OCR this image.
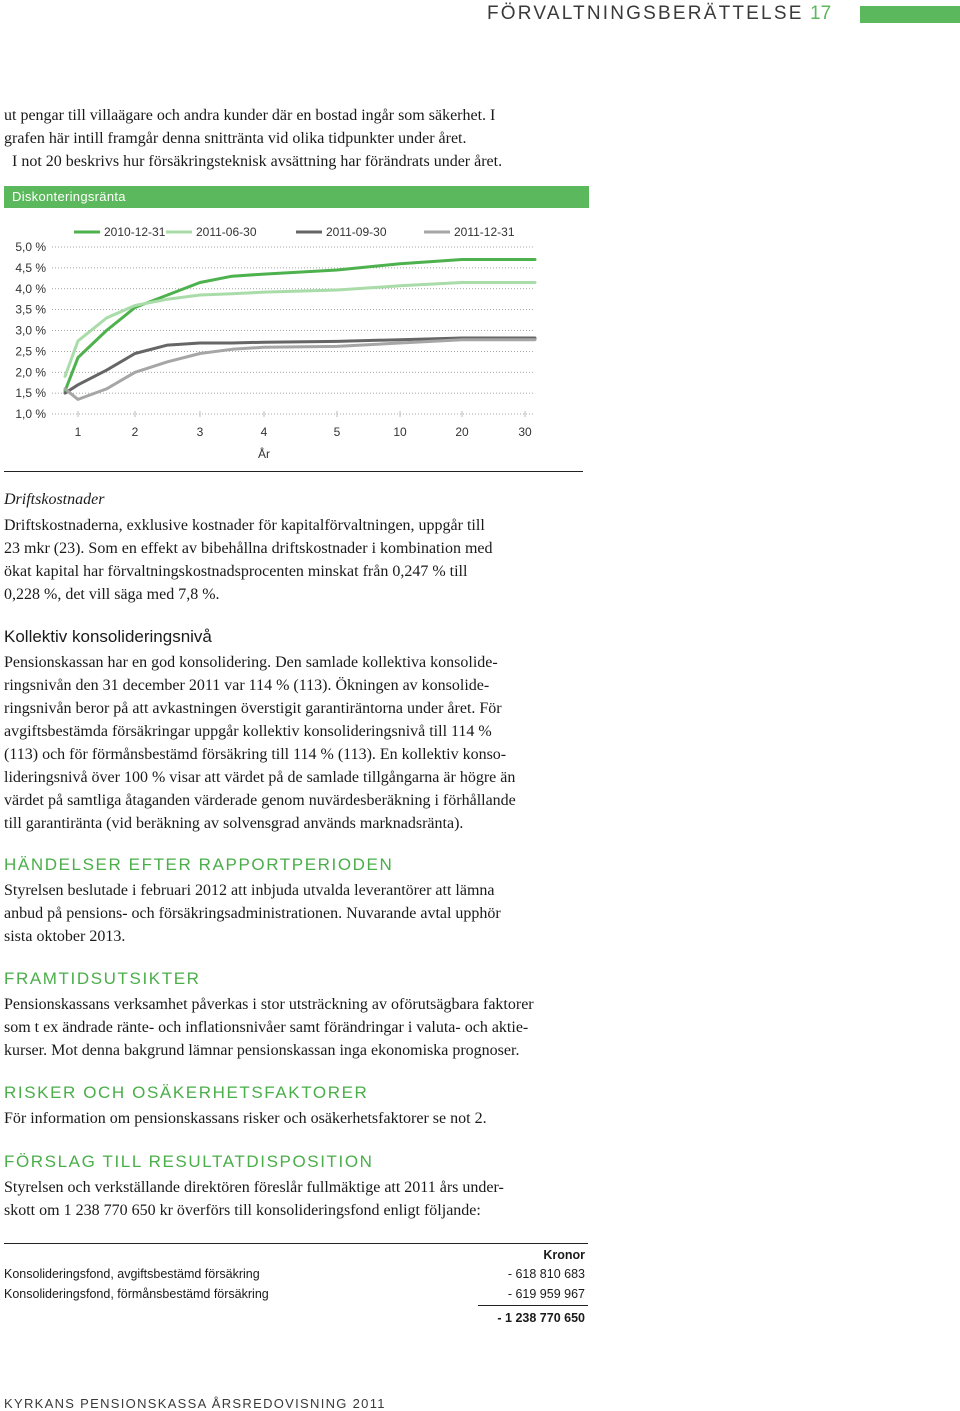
FÖRVALTNINGSBERÄTTELSE 17

ut pengar till villaägare och andra kunder där en bostad ingår som säkerhet. I
grafen här intill framgår denna snittränta vid olika tidpunkter under året.
I not 20 beskrivs hur försäkringsteknisk avsättning har förändrats under året.

Diskonteringsränta
5,0 %
4,5 %
4,0 %
3,5 %
3,0 %
2,5 %
2,0 %
1,5 %
1,0 %
1	2	3	4	5	10	20	30
År
2010-12-31	2011-06-30	2011-09-30	2011-12-31
Driftskostnader

Driftskostnaderna, exklusive kostnader för kapitalförvaltningen, uppgår till
23 mkr (23). Som en effekt av bibehållna driftskostnader i kombination med
ökat kapital har förvaltningskostnadsprocenten minskat från 0,247 % till
0,228 %, det vill säga med 7,8 %.

Kollektiv konsolideringsnivå

Pensionskassan har en god konsolidering. Den samlade kollektiva konsolide-
ringsnivån den 31 december 2011 var 114 % (113). Ökningen av konsolide-
ringsnivån beror på att avkastningen överstigit garantiräntorna under året. För
avgiftsbestämda försäkringar uppgår kollektiv konsolideringsnivå till 114 %
(113) och för förmånsbestämd försäkring till 114 % (113). En kollektiv konso-
lideringsnivå över 100 % visar att värdet på de samlade tillgångarna är högre än
värdet på samtliga åtaganden värderade genom nuvärdesberäkning i förhållande
till garantiränta (vid beräkning av solvensgrad används marknadsränta).

HÄNDELSER EFTER RAPPORTPERIODEN

Styrelsen beslutade i februari 2012 att inbjuda utvalda leverantörer att lämna
anbud på pensions- och försäkringsadministrationen. Nuvarande avtal upphör
sista oktober 2013.

FRAMTIDSUTSIKTER

Pensionskassans verksamhet påverkas i stor utsträckning av oförutsägbara faktorer
som t ex ändrade ränte- och inflationsnivåer samt förändringar i valuta- och aktie-
kurser. Mot denna bakgrund lämnar pensionskassan inga ekonomiska prognoser.

RISKER OCH OSÄKERHETSFAKTORER

För information om pensionskassans risker och osäkerhetsfaktorer se not 2.

FÖRSLAG TILL RESULTATDISPOSITION

Styrelsen och verkställande direktören föreslår fullmäktige att 2011 års under-
skott om 1 238 770 650 kr överförs till konsolideringsfond enligt följande:

Kronor
Konsolideringsfond, avgiftsbestämd försäkring	- 618 810 683
Konsolideringsfond, förmånsbestämd försäkring	- 619 959 967
- 1 238 770 650
KYRKANS PENSIONSKASSA ÅRSREDOVISNING 2011
